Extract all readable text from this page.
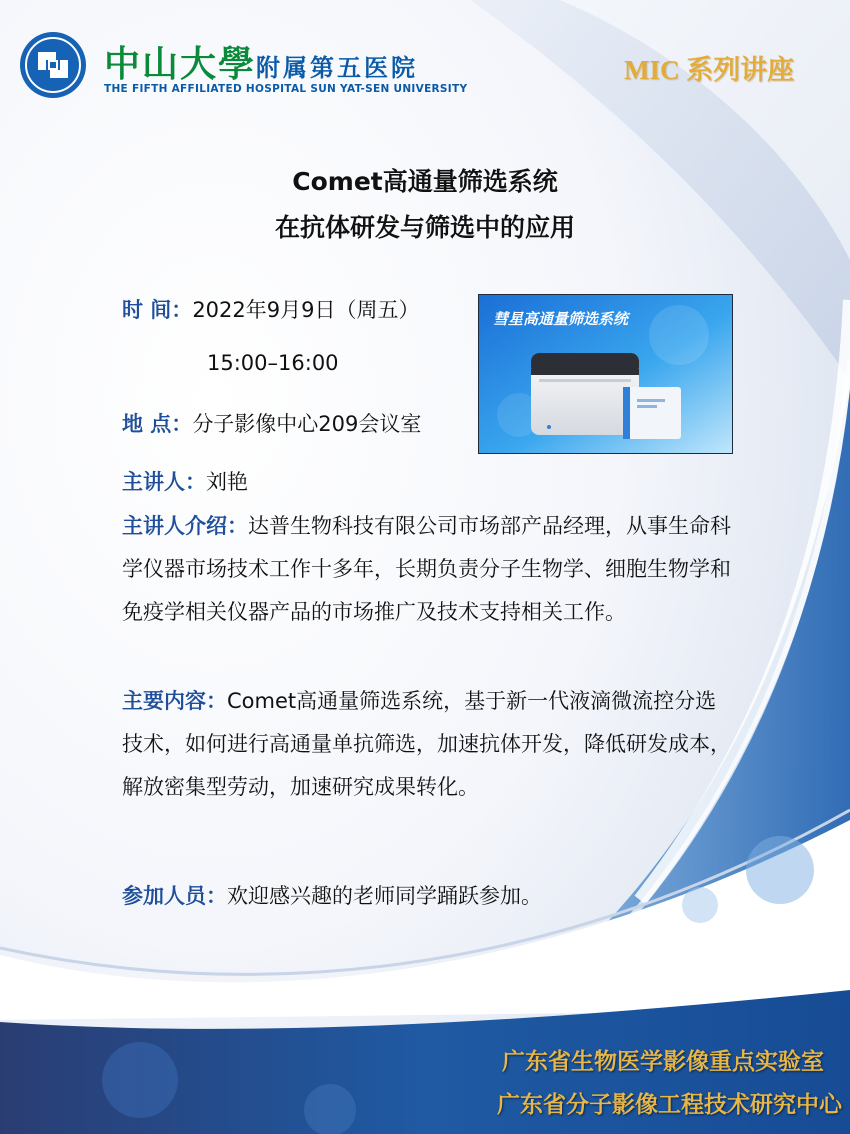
中山大學 附属第五医院
THE FIFTH AFFILIATED HOSPITAL SUN YAT-SEN UNIVERSITY
MIC 系列讲座
Comet高通量筛选系统
在抗体研发与筛选中的应用
时 间：2022年9月9日（周五）
15:00–16:00
地 点：分子影像中心209会议室
主讲人：刘艳
主讲人介绍：达普生物科技有限公司市场部产品经理，从事生命科学仪器市场技术工作十多年，长期负责分子生物学、细胞生物学和免疫学相关仪器产品的市场推广及技术支持相关工作。
主要内容：Comet高通量筛选系统，基于新一代液滴微流控分选技术，如何进行高通量单抗筛选，加速抗体开发，降低研发成本，解放密集型劳动，加速研究成果转化。
参加人员：欢迎感兴趣的老师同学踊跃参加。
彗星高通量筛选系统
广东省生物医学影像重点实验室
广东省分子影像工程技术研究中心
